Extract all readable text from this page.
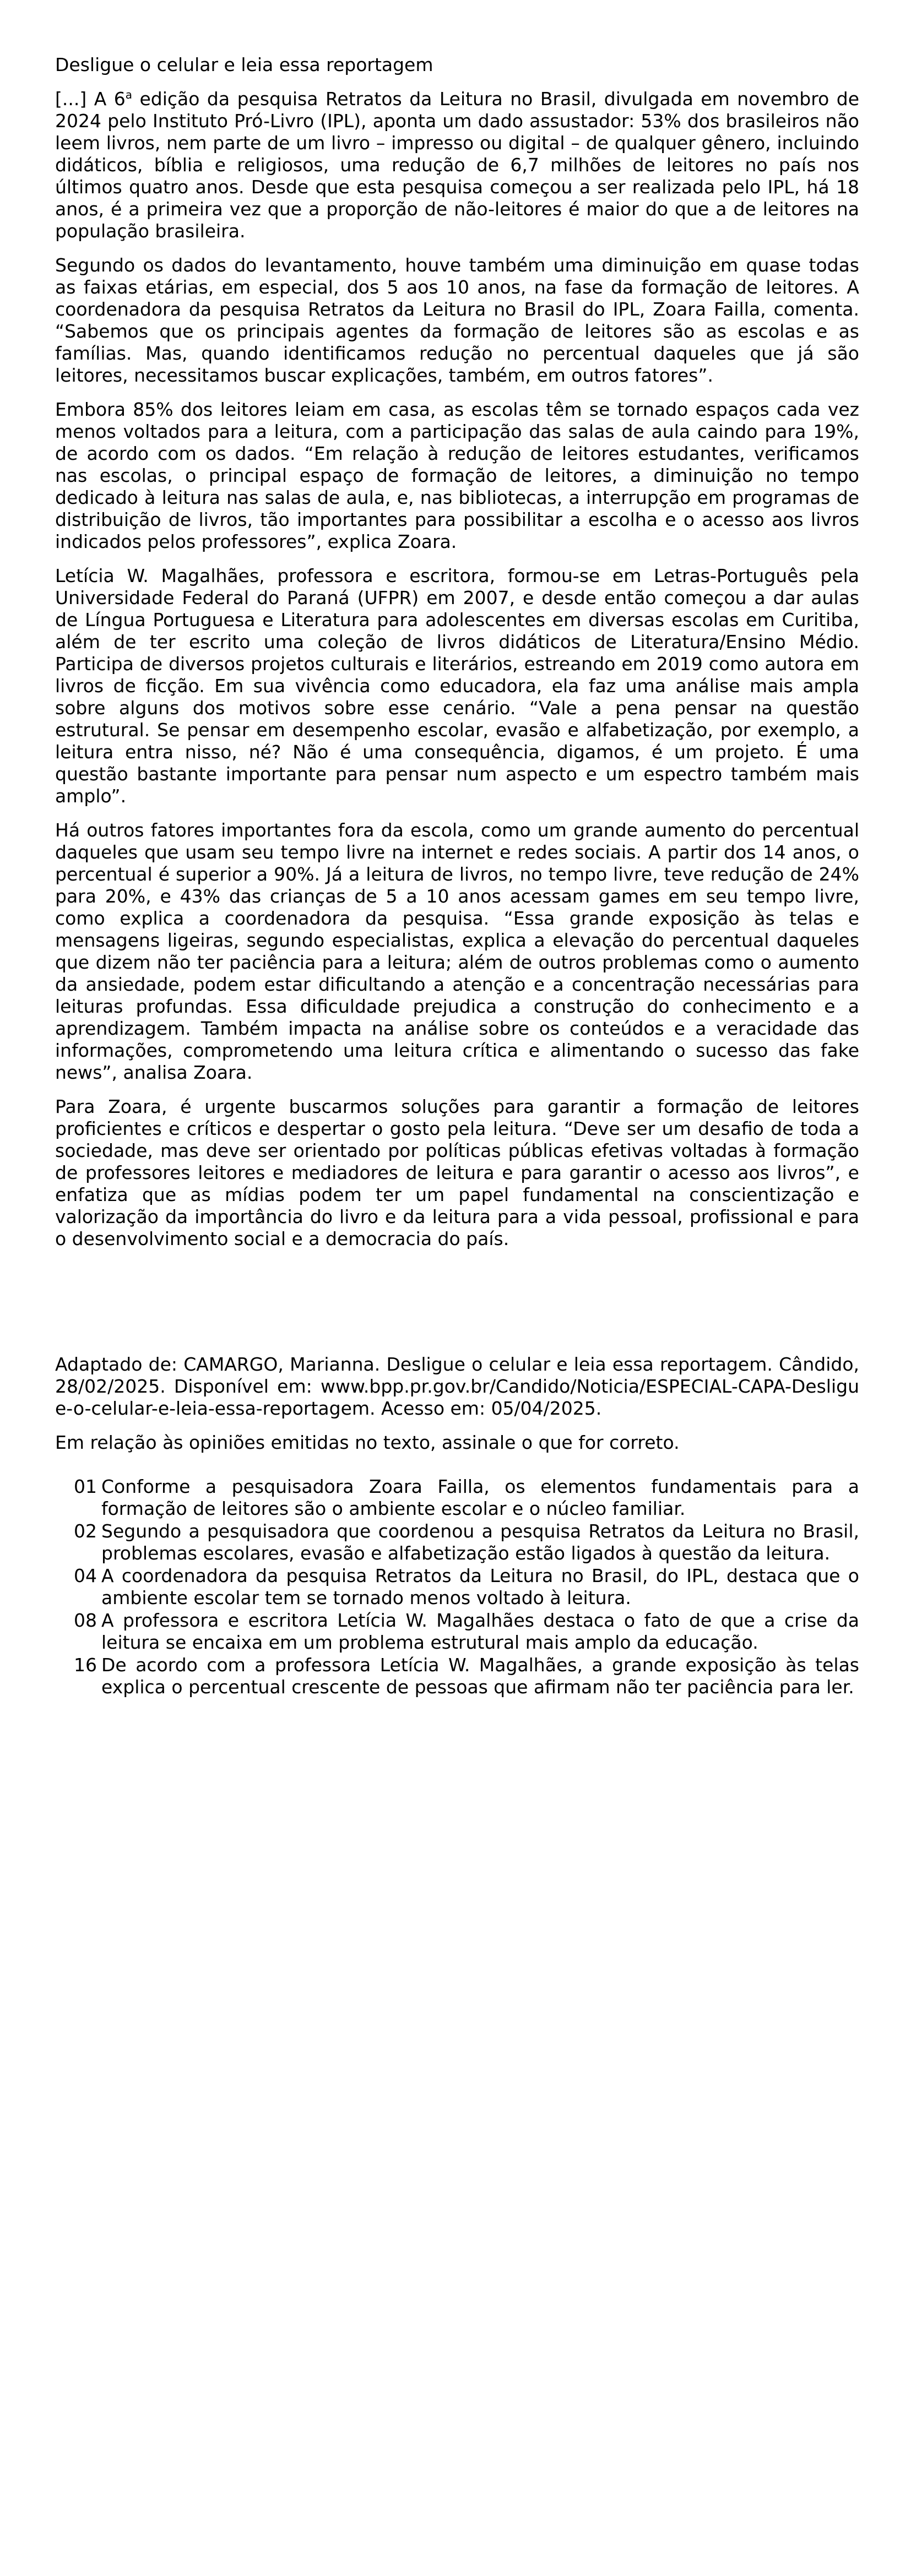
Desligue o celular e leia essa reportagem

[...] A 6$^a$ edição da pesquisa Retratos da Leitura no Brasil, divulgada em novembro de 2024 pelo Instituto Pró-Livro (IPL), aponta um dado assustador: 53% dos brasileiros não leem livros, nem parte de um livro – impresso ou digital – de qualquer gênero, incluindo didáticos, bíblia e religiosos, uma redução de 6,7 milhões de leitores no país nos últimos quatro anos. Desde que esta pesquisa começou a ser realizada pelo IPL, há 18 anos, é a primeira vez que a proporção de não-leitores é maior do que a de leitores na população brasileira.

Segundo os dados do levantamento, houve também uma diminuição em quase todas as faixas etárias, em especial, dos 5 aos 10 anos, na fase da formação de leitores. A coordenadora da pesquisa Retratos da Leitura no Brasil do IPL, Zoara Failla, comenta. “Sabemos que os principais agentes da formação de leitores são as escolas e as famílias. Mas, quando identificamos redução no percentual daqueles que já são leitores, necessitamos buscar explicações, também, em outros fatores”.

Embora 85% dos leitores leiam em casa, as escolas têm se tornado espaços cada vez menos voltados para a leitura, com a participação das salas de aula caindo para 19%, de acordo com os dados. “Em relação à redução de leitores estudantes, verificamos nas escolas, o principal espaço de formação de leitores, a diminuição no tempo dedicado à leitura nas salas de aula, e, nas bibliotecas, a interrupção em programas de distribuição de livros, tão importantes para possibilitar a escolha e o acesso aos livros indicados pelos professores”, explica Zoara.

Letícia W. Magalhães, professora e escritora, formou-se em Letras-Português pela Universidade Federal do Paraná (UFPR) em 2007, e desde então começou a dar aulas de Língua Portuguesa e Literatura para adolescentes em diversas escolas em Curitiba, além de ter escrito uma coleção de livros didáticos de Literatura/Ensino Médio. Participa de diversos projetos culturais e literários, estreando em 2019 como autora em livros de ficção. Em sua vivência como educadora, ela faz uma análise mais ampla sobre alguns dos motivos sobre esse cenário. “Vale a pena pensar na questão estrutural. Se pensar em desempenho escolar, evasão e alfabetização, por exemplo, a leitura entra nisso, né? Não é uma consequência, digamos, é um projeto. É uma questão bastante importante para pensar num aspecto e um espectro também mais amplo”.

Há outros fatores importantes fora da escola, como um grande aumento do percentual daqueles que usam seu tempo livre na internet e redes sociais. A partir dos 14 anos, o percentual é superior a 90%. Já a leitura de livros, no tempo livre, teve redução de 24% para 20%, e 43% das crianças de 5 a 10 anos acessam games em seu tempo livre, como explica a coordenadora da pesquisa. “Essa grande exposição às telas e mensagens ligeiras, segundo especialistas, explica a elevação do percentual daqueles que dizem não ter paciência para a leitura; além de outros problemas como o aumento da ansiedade, podem estar dificultando a atenção e a concentração necessárias para leituras profundas. Essa dificuldade prejudica a construção do conhecimento e a aprendizagem. Também impacta na análise sobre os conteúdos e a veracidade das informações, comprometendo uma leitura crítica e alimentando o sucesso das fake news”, analisa Zoara.

Para Zoara, é urgente buscarmos soluções para garantir a formação de leitores proficientes e críticos e despertar o gosto pela leitura. “Deve ser um desafio de toda a sociedade, mas deve ser orientado por políticas públicas efetivas voltadas à formação de professores leitores e mediadores de leitura e para garantir o acesso aos livros”, e enfatiza que as mídias podem ter um papel fundamental na conscientização e valorização da importância do livro e da leitura para a vida pessoal, profissional e para o desenvolvimento social e a democracia do país.

Adaptado de: CAMARGO, Marianna. Desligue o celular e leia essa reportagem. Cândido, 28/02/2025. Disponível em: www.bpp.pr.gov.br/Candido/Noticia/ESPECIAL-CAPA-Desligue-o-celular-e-leia-essa-reportagem. Acesso em: 05/04/2025.

Em relação às opiniões emitidas no texto, assinale o que for correto.

01 Conforme a pesquisadora Zoara Failla, os elementos fundamentais para a formação de leitores são o ambiente escolar e o núcleo familiar.
02 Segundo a pesquisadora que coordenou a pesquisa Retratos da Leitura no Brasil, problemas escolares, evasão e alfabetização estão ligados à questão da leitura.
04 A coordenadora da pesquisa Retratos da Leitura no Brasil, do IPL, destaca que o ambiente escolar tem se tornado menos voltado à leitura.
08 A professora e escritora Letícia W. Magalhães destaca o fato de que a crise da leitura se encaixa em um problema estrutural mais amplo da educação.
16 De acordo com a professora Letícia W. Magalhães, a grande exposição às telas explica o percentual crescente de pessoas que afirmam não ter paciência para ler.
